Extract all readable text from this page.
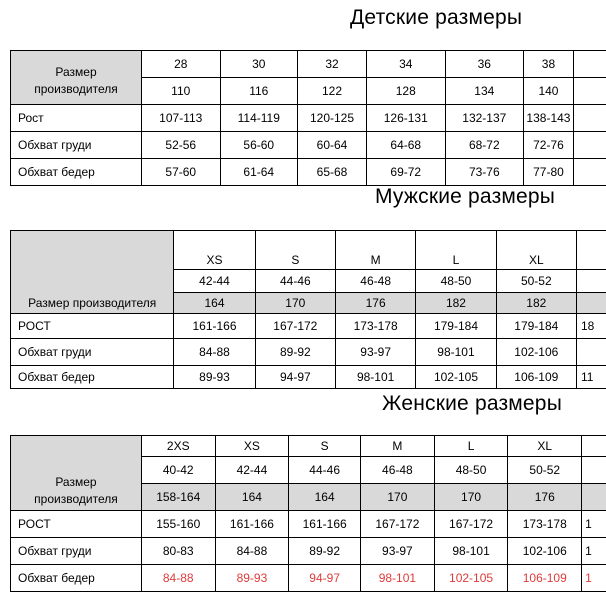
Детские размеры
Размер
производителя	28	30	32	34	36	38	
	110	116	122	128	134	140	
Рост	107-113	114-119	120-125	126-131	132-137	138-143	
Обхват груди	52-56	56-60	60-64	64-68	68-72	72-76	
Обхват бедер	57-60	61-64	65-68	69-72	73-76	77-80	
Мужские размеры
	XS	S	M	L	XL	
	42-44	44-46	46-48	48-50	50-52	
Размер производителя	164	170	176	182	182	
РОСТ	161-166	167-172	173-178	179-184	179-184	18
Обхват груди	84-88	89-92	93-97	98-101	102-106	
Обхват бедер	89-93	94-97	98-101	102-105	106-109	11
Женские размеры
	2XS	XS	S	M	L	XL	
Размер
производителя	40-42	42-44	44-46	46-48	48-50	50-52	
	158-164	164	164	170	170	176	
РОСТ	155-160	161-166	161-166	167-172	167-172	173-178	1
Обхват груди	80-83	84-88	89-92	93-97	98-101	102-106	1
Обхват бедер	84-88	89-93	94-97	98-101	102-105	106-109	1
